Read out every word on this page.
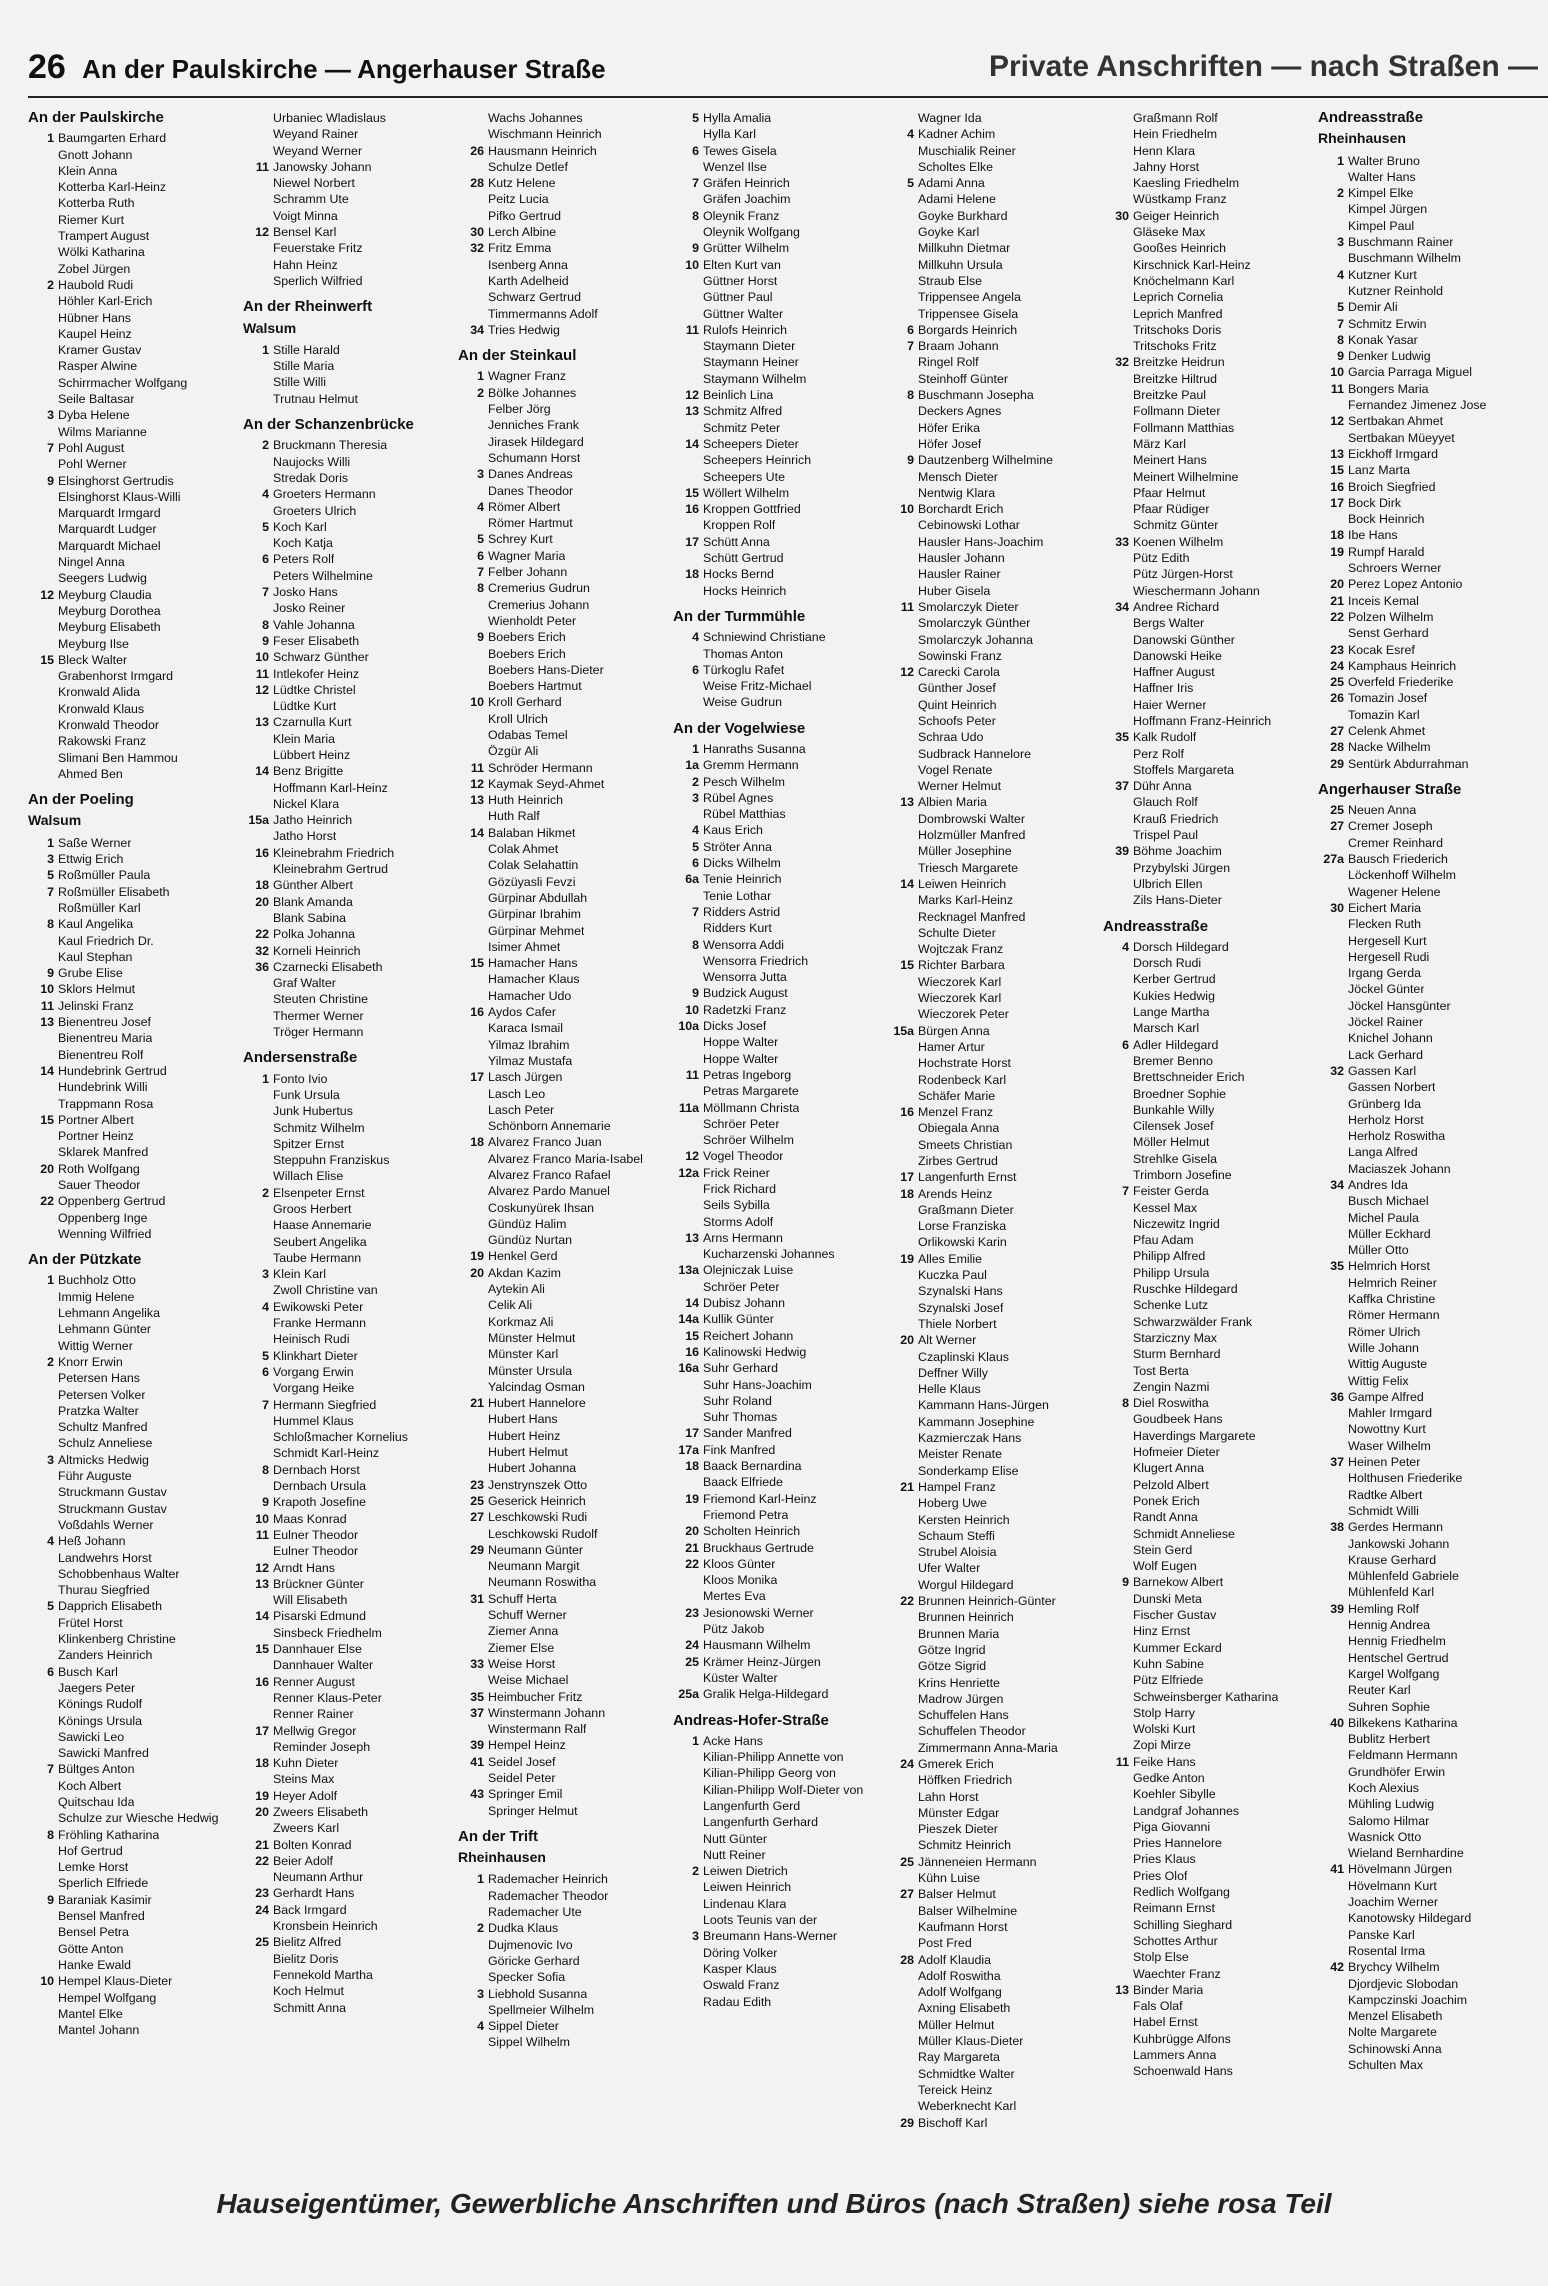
26 An der Paulskirche — Angerhauser Straße	Private Anschriften — nach Straßen —
An der Paulskirche
1 Baumgarten Erhard
Gnott Johann
Klein Anna
Kotterba Karl-Heinz
Kotterba Ruth
Riemer Kurt
Trampert August
Wölki Katharina
Zobel Jürgen
2 Haubold Rudi
Höhler Karl-Erich
Hübner Hans
Kaupel Heinz
Kramer Gustav
Rasper Alwine
Schirrmacher Wolfgang
Seile Baltasar
3 Dyba Helene
Wilms Marianne
7 Pohl August
Pohl Werner
9 Elsinghorst Gertrudis
Elsinghorst Klaus-Willi
Marquardt Irmgard
Marquardt Ludger
Marquardt Michael
Ningel Anna
Seegers Ludwig
12 Meyburg Claudia
Meyburg Dorothea
Meyburg Elisabeth
Meyburg Ilse
15 Bleck Walter
Grabenhorst Irmgard
Kronwald Alida
Kronwald Klaus
Kronwald Theodor
Rakowski Franz
Slimani Ben Hammou
Ahmed Ben
An der Poeling
Walsum
1 Saße Werner
3 Ettwig Erich
5 Roßmüller Paula
7 Roßmüller Elisabeth
Roßmüller Karl
8 Kaul Angelika
Kaul Friedrich Dr.
Kaul Stephan
9 Grube Elise
10 Sklors Helmut
11 Jelinski Franz
13 Bienentreu Josef
Bienentreu Maria
Bienentreu Rolf
14 Hundebrink Gertrud
Hundebrink Willi
Trappmann Rosa
15 Portner Albert
Portner Heinz
Sklarek Manfred
20 Roth Wolfgang
Sauer Theodor
22 Oppenberg Gertrud
Oppenberg Inge
Wenning Wilfried
An der Pützkate
1 Buchholz Otto
Immig Helene
Lehmann Angelika
Lehmann Günter
Wittig Werner
2 Knorr Erwin
Petersen Hans
Petersen Volker
Pratzka Walter
Schultz Manfred
Schulz Anneliese
3 Altmicks Hedwig
Führ Auguste
Struckmann Gustav
Struckmann Gustav
Voßdahls Werner
4 Heß Johann
Landwehrs Horst
Schobbenhaus Walter
Thurau Siegfried
5 Dapprich Elisabeth
Frütel Horst
Klinkenberg Christine
Zanders Heinrich
6 Busch Karl
Jaegers Peter
Könings Rudolf
Könings Ursula
Sawicki Leo
Sawicki Manfred
7 Bültges Anton
Koch Albert
Quitschau Ida
Schulze zur Wiesche Hedwig
8 Fröhling Katharina
Hof Gertrud
Lemke Horst
Sperlich Elfriede
9 Baraniak Kasimir
Bensel Manfred
Bensel Petra
Götte Anton
Hanke Ewald
10 Hempel Klaus-Dieter
Hempel Wolfgang
Mantel Elke
Mantel Johann
Urbaniec Wladislaus
Weyand Rainer
Weyand Werner
11 Janowsky Johann
Niewel Norbert
Schramm Ute
Voigt Minna
12 Bensel Karl
Feuerstake Fritz
Hahn Heinz
Sperlich Wilfried
An der Rheinwerft
Walsum
1 Stille Harald
Stille Maria
Stille Willi
Trutnau Helmut
An der Schanzenbrücke
2 Bruckmann Theresia
Naujocks Willi
Stredak Doris
4 Groeters Hermann
Groeters Ulrich
5 Koch Karl
Koch Katja
6 Peters Rolf
Peters Wilhelmine
7 Josko Hans
Josko Reiner
8 Vahle Johanna
9 Feser Elisabeth
10 Schwarz Günther
11 Intlekofer Heinz
12 Lüdtke Christel
Lüdtke Kurt
13 Czarnulla Kurt
Klein Maria
Lübbert Heinz
14 Benz Brigitte
Hoffmann Karl-Heinz
Nickel Klara
15a Jatho Heinrich
Jatho Horst
16 Kleinebrahm Friedrich
Kleinebrahm Gertrud
18 Günther Albert
20 Blank Amanda
Blank Sabina
22 Polka Johanna
32 Korneli Heinrich
36 Czarnecki Elisabeth
Graf Walter
Steuten Christine
Thermer Werner
Tröger Hermann
Andersenstraße
1 Fonto Ivio
Funk Ursula
Junk Hubertus
Schmitz Wilhelm
Spitzer Ernst
Steppuhn Franziskus
Willach Elise
2 Elsenpeter Ernst
Groos Herbert
Haase Annemarie
Seubert Angelika
Taube Hermann
3 Klein Karl
Zwoll Christine van
4 Ewikowski Peter
Franke Hermann
Heinisch Rudi
5 Klinkhart Dieter
6 Vorgang Erwin
Vorgang Heike
7 Hermann Siegfried
Hummel Klaus
Schloßmacher Kornelius
Schmidt Karl-Heinz
8 Dernbach Horst
Dernbach Ursula
9 Krapoth Josefine
10 Maas Konrad
11 Eulner Theodor
Eulner Theodor
12 Arndt Hans
13 Brückner Günter
Will Elisabeth
14 Pisarski Edmund
Sinsbeck Friedhelm
15 Dannhauer Else
Dannhauer Walter
16 Renner August
Renner Klaus-Peter
Renner Rainer
17 Mellwig Gregor
Reminder Joseph
18 Kuhn Dieter
Steins Max
19 Heyer Adolf
20 Zweers Elisabeth
Zweers Karl
21 Bolten Konrad
22 Beier Adolf
Neumann Arthur
23 Gerhardt Hans
24 Back Irmgard
Kronsbein Heinrich
25 Bielitz Alfred
Bielitz Doris
Fennekold Martha
Koch Helmut
Schmitt Anna
Wachs Johannes
Wischmann Heinrich
26 Hausmann Heinrich
Schulze Detlef
28 Kutz Helene
Peitz Lucia
Pifko Gertrud
30 Lerch Albine
32 Fritz Emma
Isenberg Anna
Karth Adelheid
Schwarz Gertrud
Timmermanns Adolf
34 Tries Hedwig
An der Steinkaul
1 Wagner Franz
2 Bölke Johannes
Felber Jörg
Jenniches Frank
Jirasek Hildegard
Schumann Horst
3 Danes Andreas
Danes Theodor
4 Römer Albert
Römer Hartmut
5 Schrey Kurt
6 Wagner Maria
7 Felber Johann
8 Cremerius Gudrun
Cremerius Johann
Wienholdt Peter
9 Boebers Erich
Boebers Erich
Boebers Hans-Dieter
Boebers Hartmut
10 Kroll Gerhard
Kroll Ulrich
Odabas Temel
Özgür Ali
11 Schröder Hermann
12 Kaymak Seyd-Ahmet
13 Huth Heinrich
Huth Ralf
14 Balaban Hikmet
Colak Ahmet
Colak Selahattin
Gözüyasli Fevzi
Gürpinar Abdullah
Gürpinar Ibrahim
Gürpinar Mehmet
Isimer Ahmet
15 Hamacher Hans
Hamacher Klaus
Hamacher Udo
16 Aydos Cafer
Karaca Ismail
Yilmaz Ibrahim
Yilmaz Mustafa
17 Lasch Jürgen
Lasch Leo
Lasch Peter
Schönborn Annemarie
18 Alvarez Franco Juan
Alvarez Franco Maria-Isabel
Alvarez Franco Rafael
Alvarez Pardo Manuel
Coskunyürek Ihsan
Gündüz Halim
Gündüz Nurtan
19 Henkel Gerd
20 Akdan Kazim
Aytekin Ali
Celik Ali
Korkmaz Ali
Münster Helmut
Münster Karl
Münster Ursula
Yalcindag Osman
21 Hubert Hannelore
Hubert Hans
Hubert Heinz
Hubert Helmut
Hubert Johanna
23 Jenstrynszek Otto
25 Geserick Heinrich
27 Leschkowski Rudi
Leschkowski Rudolf
29 Neumann Günter
Neumann Margit
Neumann Roswitha
31 Schuff Herta
Schuff Werner
Ziemer Anna
Ziemer Else
33 Weise Horst
Weise Michael
35 Heimbucher Fritz
37 Winstermann Johann
Winstermann Ralf
39 Hempel Heinz
41 Seidel Josef
Seidel Peter
43 Springer Emil
Springer Helmut
An der Trift
Rheinhausen
1 Rademacher Heinrich
Rademacher Theodor
Rademacher Ute
2 Dudka Klaus
Dujmenovic Ivo
Göricke Gerhard
Specker Sofia
3 Liebhold Susanna
Spellmeier Wilhelm
4 Sippel Dieter
Sippel Wilhelm
5 Hylla Amalia
Hylla Karl
6 Tewes Gisela
Wenzel Ilse
7 Gräfen Heinrich
Gräfen Joachim
8 Oleynik Franz
Oleynik Wolfgang
9 Grütter Wilhelm
10 Elten Kurt van
Güttner Horst
Güttner Paul
Güttner Walter
11 Rulofs Heinrich
Staymann Dieter
Staymann Heiner
Staymann Wilhelm
12 Beinlich Lina
13 Schmitz Alfred
Schmitz Peter
14 Scheepers Dieter
Scheepers Heinrich
Scheepers Ute
15 Wöllert Wilhelm
16 Kroppen Gottfried
Kroppen Rolf
17 Schütt Anna
Schütt Gertrud
18 Hocks Bernd
Hocks Heinrich
An der Turmmühle
4 Schniewind Christiane
Thomas Anton
6 Türkoglu Rafet
Weise Fritz-Michael
Weise Gudrun
An der Vogelwiese
1 Hanraths Susanna
1a Gremm Hermann
2 Pesch Wilhelm
3 Rübel Agnes
Rübel Matthias
4 Kaus Erich
5 Ströter Anna
6 Dicks Wilhelm
6a Tenie Heinrich
Tenie Lothar
7 Ridders Astrid
Ridders Kurt
8 Wensorra Addi
Wensorra Friedrich
Wensorra Jutta
9 Budzick August
10 Radetzki Franz
10a Dicks Josef
Hoppe Walter
Hoppe Walter
11 Petras Ingeborg
Petras Margarete
11a Möllmann Christa
Schröer Peter
Schröer Wilhelm
12 Vogel Theodor
12a Frick Reiner
Frick Richard
Seils Sybilla
Storms Adolf
13 Arns Hermann
Kucharzenski Johannes
13a Olejniczak Luise
Schröer Peter
14 Dubisz Johann
14a Kullik Günter
15 Reichert Johann
16 Kalinowski Hedwig
16a Suhr Gerhard
Suhr Hans-Joachim
Suhr Roland
Suhr Thomas
17 Sander Manfred
17a Fink Manfred
18 Baack Bernardina
Baack Elfriede
19 Friemond Karl-Heinz
Friemond Petra
20 Scholten Heinrich
21 Bruckhaus Gertrude
22 Kloos Günter
Kloos Monika
Mertes Eva
23 Jesionowski Werner
Pütz Jakob
24 Hausmann Wilhelm
25 Krämer Heinz-Jürgen
Küster Walter
25a Gralik Helga-Hildegard
Andreas-Hofer-Straße
1 Acke Hans
Kilian-Philipp Annette von
Kilian-Philipp Georg von
Kilian-Philipp Wolf-Dieter von
Langenfurth Gerd
Langenfurth Gerhard
Nutt Günter
Nutt Reiner
2 Leiwen Dietrich
Leiwen Heinrich
Lindenau Klara
Loots Teunis van der
3 Breumann Hans-Werner
Döring Volker
Kasper Klaus
Oswald Franz
Radau Edith
Wagner Ida
4 Kadner Achim
Muschialik Reiner
Scholtes Elke
5 Adami Anna
Adami Helene
Goyke Burkhard
Goyke Karl
Millkuhn Dietmar
Millkuhn Ursula
Straub Else
Trippensee Angela
Trippensee Gisela
6 Borgards Heinrich
7 Braam Johann
Ringel Rolf
Steinhoff Günter
8 Buschmann Josepha
Deckers Agnes
Höfer Erika
Höfer Josef
9 Dautzenberg Wilhelmine
Mensch Dieter
Nentwig Klara
10 Borchardt Erich
Cebinowski Lothar
Hausler Hans-Joachim
Hausler Johann
Hausler Rainer
Huber Gisela
11 Smolarczyk Dieter
Smolarczyk Günther
Smolarczyk Johanna
Sowinski Franz
12 Carecki Carola
Günther Josef
Quint Heinrich
Schoofs Peter
Schraa Udo
Sudbrack Hannelore
Vogel Renate
Werner Helmut
13 Albien Maria
Dombrowski Walter
Holzmüller Manfred
Müller Josephine
Triesch Margarete
14 Leiwen Heinrich
Marks Karl-Heinz
Recknagel Manfred
Schulte Dieter
Wojtczak Franz
15 Richter Barbara
Wieczorek Karl
Wieczorek Karl
Wieczorek Peter
15a Bürgen Anna
Hamer Artur
Hochstrate Horst
Rodenbeck Karl
Schäfer Marie
16 Menzel Franz
Obiegala Anna
Smeets Christian
Zirbes Gertrud
17 Langenfurth Ernst
18 Arends Heinz
Graßmann Dieter
Lorse Franziska
Orlikowski Karin
19 Alles Emilie
Kuczka Paul
Szynalski Hans
Szynalski Josef
Thiele Norbert
20 Alt Werner
Czaplinski Klaus
Deffner Willy
Helle Klaus
Kammann Hans-Jürgen
Kammann Josephine
Kazmierczak Hans
Meister Renate
Sonderkamp Elise
21 Hampel Franz
Hoberg Uwe
Kersten Heinrich
Schaum Steffi
Strubel Aloisia
Ufer Walter
Worgul Hildegard
22 Brunnen Heinrich-Günter
Brunnen Heinrich
Brunnen Maria
Götze Ingrid
Götze Sigrid
Krins Henriette
Madrow Jürgen
Schuffelen Hans
Schuffelen Theodor
Zimmermann Anna-Maria
24 Gmerek Erich
Höffken Friedrich
Lahn Horst
Münster Edgar
Pieszek Dieter
Schmitz Heinrich
25 Jänneneien Hermann
Kühn Luise
27 Balser Helmut
Balser Wilhelmine
Kaufmann Horst
Post Fred
28 Adolf Klaudia
Adolf Roswitha
Adolf Wolfgang
Axning Elisabeth
Müller Helmut
Müller Klaus-Dieter
Ray Margareta
Schmidtke Walter
Tereick Heinz
Weberknecht Karl
29 Bischoff Karl
Graßmann Rolf
Hein Friedhelm
Henn Klara
Jahny Horst
Kaesling Friedhelm
Wüstkamp Franz
30 Geiger Heinrich
Gläseke Max
Gooßes Heinrich
Kirschnick Karl-Heinz
Knöchelmann Karl
Leprich Cornelia
Leprich Manfred
Tritschoks Doris
Tritschoks Fritz
32 Breitzke Heidrun
Breitzke Hiltrud
Breitzke Paul
Follmann Dieter
Follmann Matthias
März Karl
Meinert Hans
Meinert Wilhelmine
Pfaar Helmut
Pfaar Rüdiger
Schmitz Günter
33 Koenen Wilhelm
Pütz Edith
Pütz Jürgen-Horst
Wieschermann Johann
34 Andree Richard
Bergs Walter
Danowski Günther
Danowski Heike
Haffner August
Haffner Iris
Haier Werner
Hoffmann Franz-Heinrich
35 Kalk Rudolf
Perz Rolf
Stoffels Margareta
37 Dühr Anna
Glauch Rolf
Krauß Friedrich
Trispel Paul
39 Böhme Joachim
Przybylski Jürgen
Ulbrich Ellen
Zils Hans-Dieter
Andreasstraße
4 Dorsch Hildegard
Dorsch Rudi
Kerber Gertrud
Kukies Hedwig
Lange Martha
Marsch Karl
6 Adler Hildegard
Bremer Benno
Brettschneider Erich
Broedner Sophie
Bunkahle Willy
Cilensek Josef
Möller Helmut
Strehlke Gisela
Trimborn Josefine
7 Feister Gerda
Kessel Max
Niczewitz Ingrid
Pfau Adam
Philipp Alfred
Philipp Ursula
Ruschke Hildegard
Schenke Lutz
Schwarzwälder Frank
Starziczny Max
Sturm Bernhard
Tost Berta
Zengin Nazmi
8 Diel Roswitha
Goudbeek Hans
Haverdings Margarete
Hofmeier Dieter
Klugert Anna
Pelzold Albert
Ponek Erich
Randt Anna
Schmidt Anneliese
Stein Gerd
Wolf Eugen
9 Barnekow Albert
Dunski Meta
Fischer Gustav
Hinz Ernst
Kummer Eckard
Kuhn Sabine
Pütz Elfriede
Schweinsberger Katharina
Stolp Harry
Wolski Kurt
Zopi Mirze
11 Feike Hans
Gedke Anton
Koehler Sibylle
Landgraf Johannes
Piga Giovanni
Pries Hannelore
Pries Klaus
Pries Olof
Redlich Wolfgang
Reimann Ernst
Schilling Sieghard
Schottes Arthur
Stolp Else
Waechter Franz
13 Binder Maria
Fals Olaf
Habel Ernst
Kuhbrügge Alfons
Lammers Anna
Schoenwald Hans
Andreasstraße
Rheinhausen
1 Walter Bruno
Walter Hans
2 Kimpel Elke
Kimpel Jürgen
Kimpel Paul
3 Buschmann Rainer
Buschmann Wilhelm
4 Kutzner Kurt
Kutzner Reinhold
5 Demir Ali
7 Schmitz Erwin
8 Konak Yasar
9 Denker Ludwig
10 Garcia Parraga Miguel
11 Bongers Maria
Fernandez Jimenez Jose
12 Sertbakan Ahmet
Sertbakan Müeyyet
13 Eickhoff Irmgard
15 Lanz Marta
16 Broich Siegfried
17 Bock Dirk
Bock Heinrich
18 Ibe Hans
19 Rumpf Harald
Schroers Werner
20 Perez Lopez Antonio
21 Inceis Kemal
22 Polzen Wilhelm
Senst Gerhard
23 Kocak Esref
24 Kamphaus Heinrich
25 Overfeld Friederike
26 Tomazin Josef
Tomazin Karl
27 Celenk Ahmet
28 Nacke Wilhelm
29 Sentürk Abdurrahman
Angerhauser Straße
25 Neuen Anna
27 Cremer Joseph
Cremer Reinhard
27a Bausch Friederich
Löckenhoff Wilhelm
Wagener Helene
30 Eichert Maria
Flecken Ruth
Hergesell Kurt
Hergesell Rudi
Irgang Gerda
Jöckel Günter
Jöckel Hansgünter
Jöckel Rainer
Knichel Johann
Lack Gerhard
32 Gassen Karl
Gassen Norbert
Grünberg Ida
Herholz Horst
Herholz Roswitha
Langa Alfred
Maciaszek Johann
34 Andres Ida
Busch Michael
Michel Paula
Müller Eckhard
Müller Otto
35 Helmrich Horst
Helmrich Reiner
Kaffka Christine
Römer Hermann
Römer Ulrich
Wille Johann
Wittig Auguste
Wittig Felix
36 Gampe Alfred
Mahler Irmgard
Nowottny Kurt
Waser Wilhelm
37 Heinen Peter
Holthusen Friederike
Radtke Albert
Schmidt Willi
38 Gerdes Hermann
Jankowski Johann
Krause Gerhard
Mühlenfeld Gabriele
Mühlenfeld Karl
39 Hemling Rolf
Hennig Andrea
Hennig Friedhelm
Hentschel Gertrud
Kargel Wolfgang
Reuter Karl
Suhren Sophie
40 Bilkekens Katharina
Bublitz Herbert
Feldmann Hermann
Grundhöfer Erwin
Koch Alexius
Mühling Ludwig
Salomo Hilmar
Wasnick Otto
Wieland Bernhardine
41 Hövelmann Jürgen
Hövelmann Kurt
Joachim Werner
Kanotowsky Hildegard
Panske Karl
Rosental Irma
42 Brychcy Wilhelm
Djordjevic Slobodan
Kampczinski Joachim
Menzel Elisabeth
Nolte Margarete
Schinowski Anna
Schulten Max
Hauseigentümer, Gewerbliche Anschriften und Büros (nach Straßen) siehe rosa Teil
